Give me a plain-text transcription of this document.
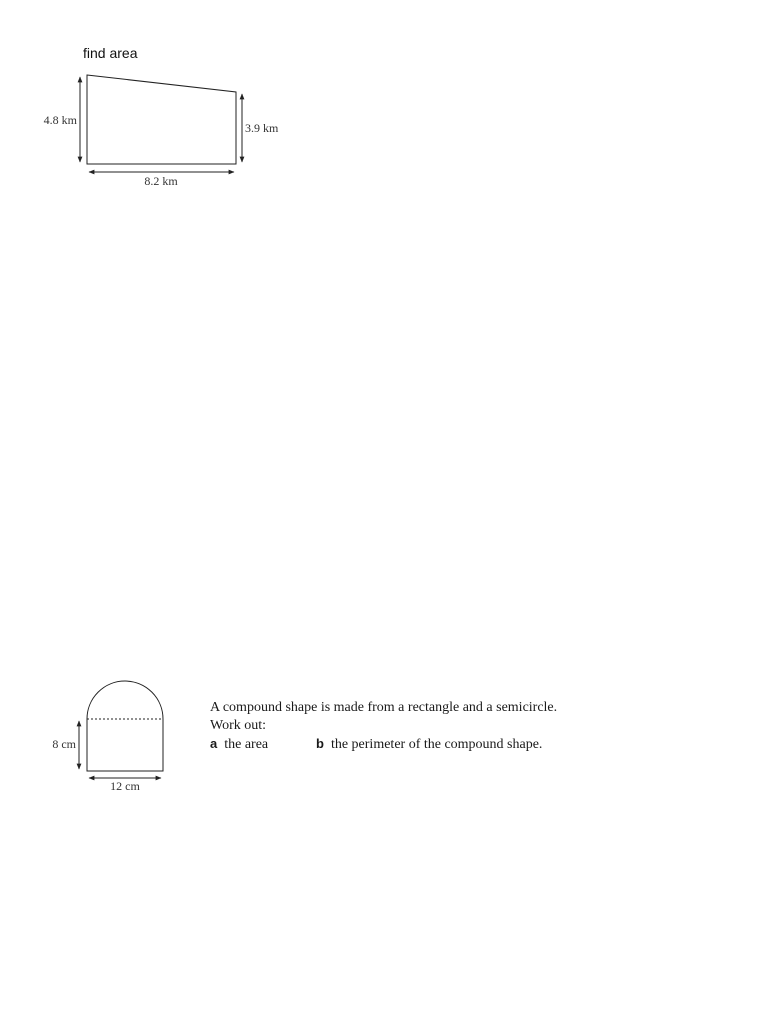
find area
4.8 km
3.9 km
8.2 km
8 cm
12 cm
A compound shape is made from a rectangle and a semicircle.
Work out:
a the area	b the perimeter of the compound shape.
